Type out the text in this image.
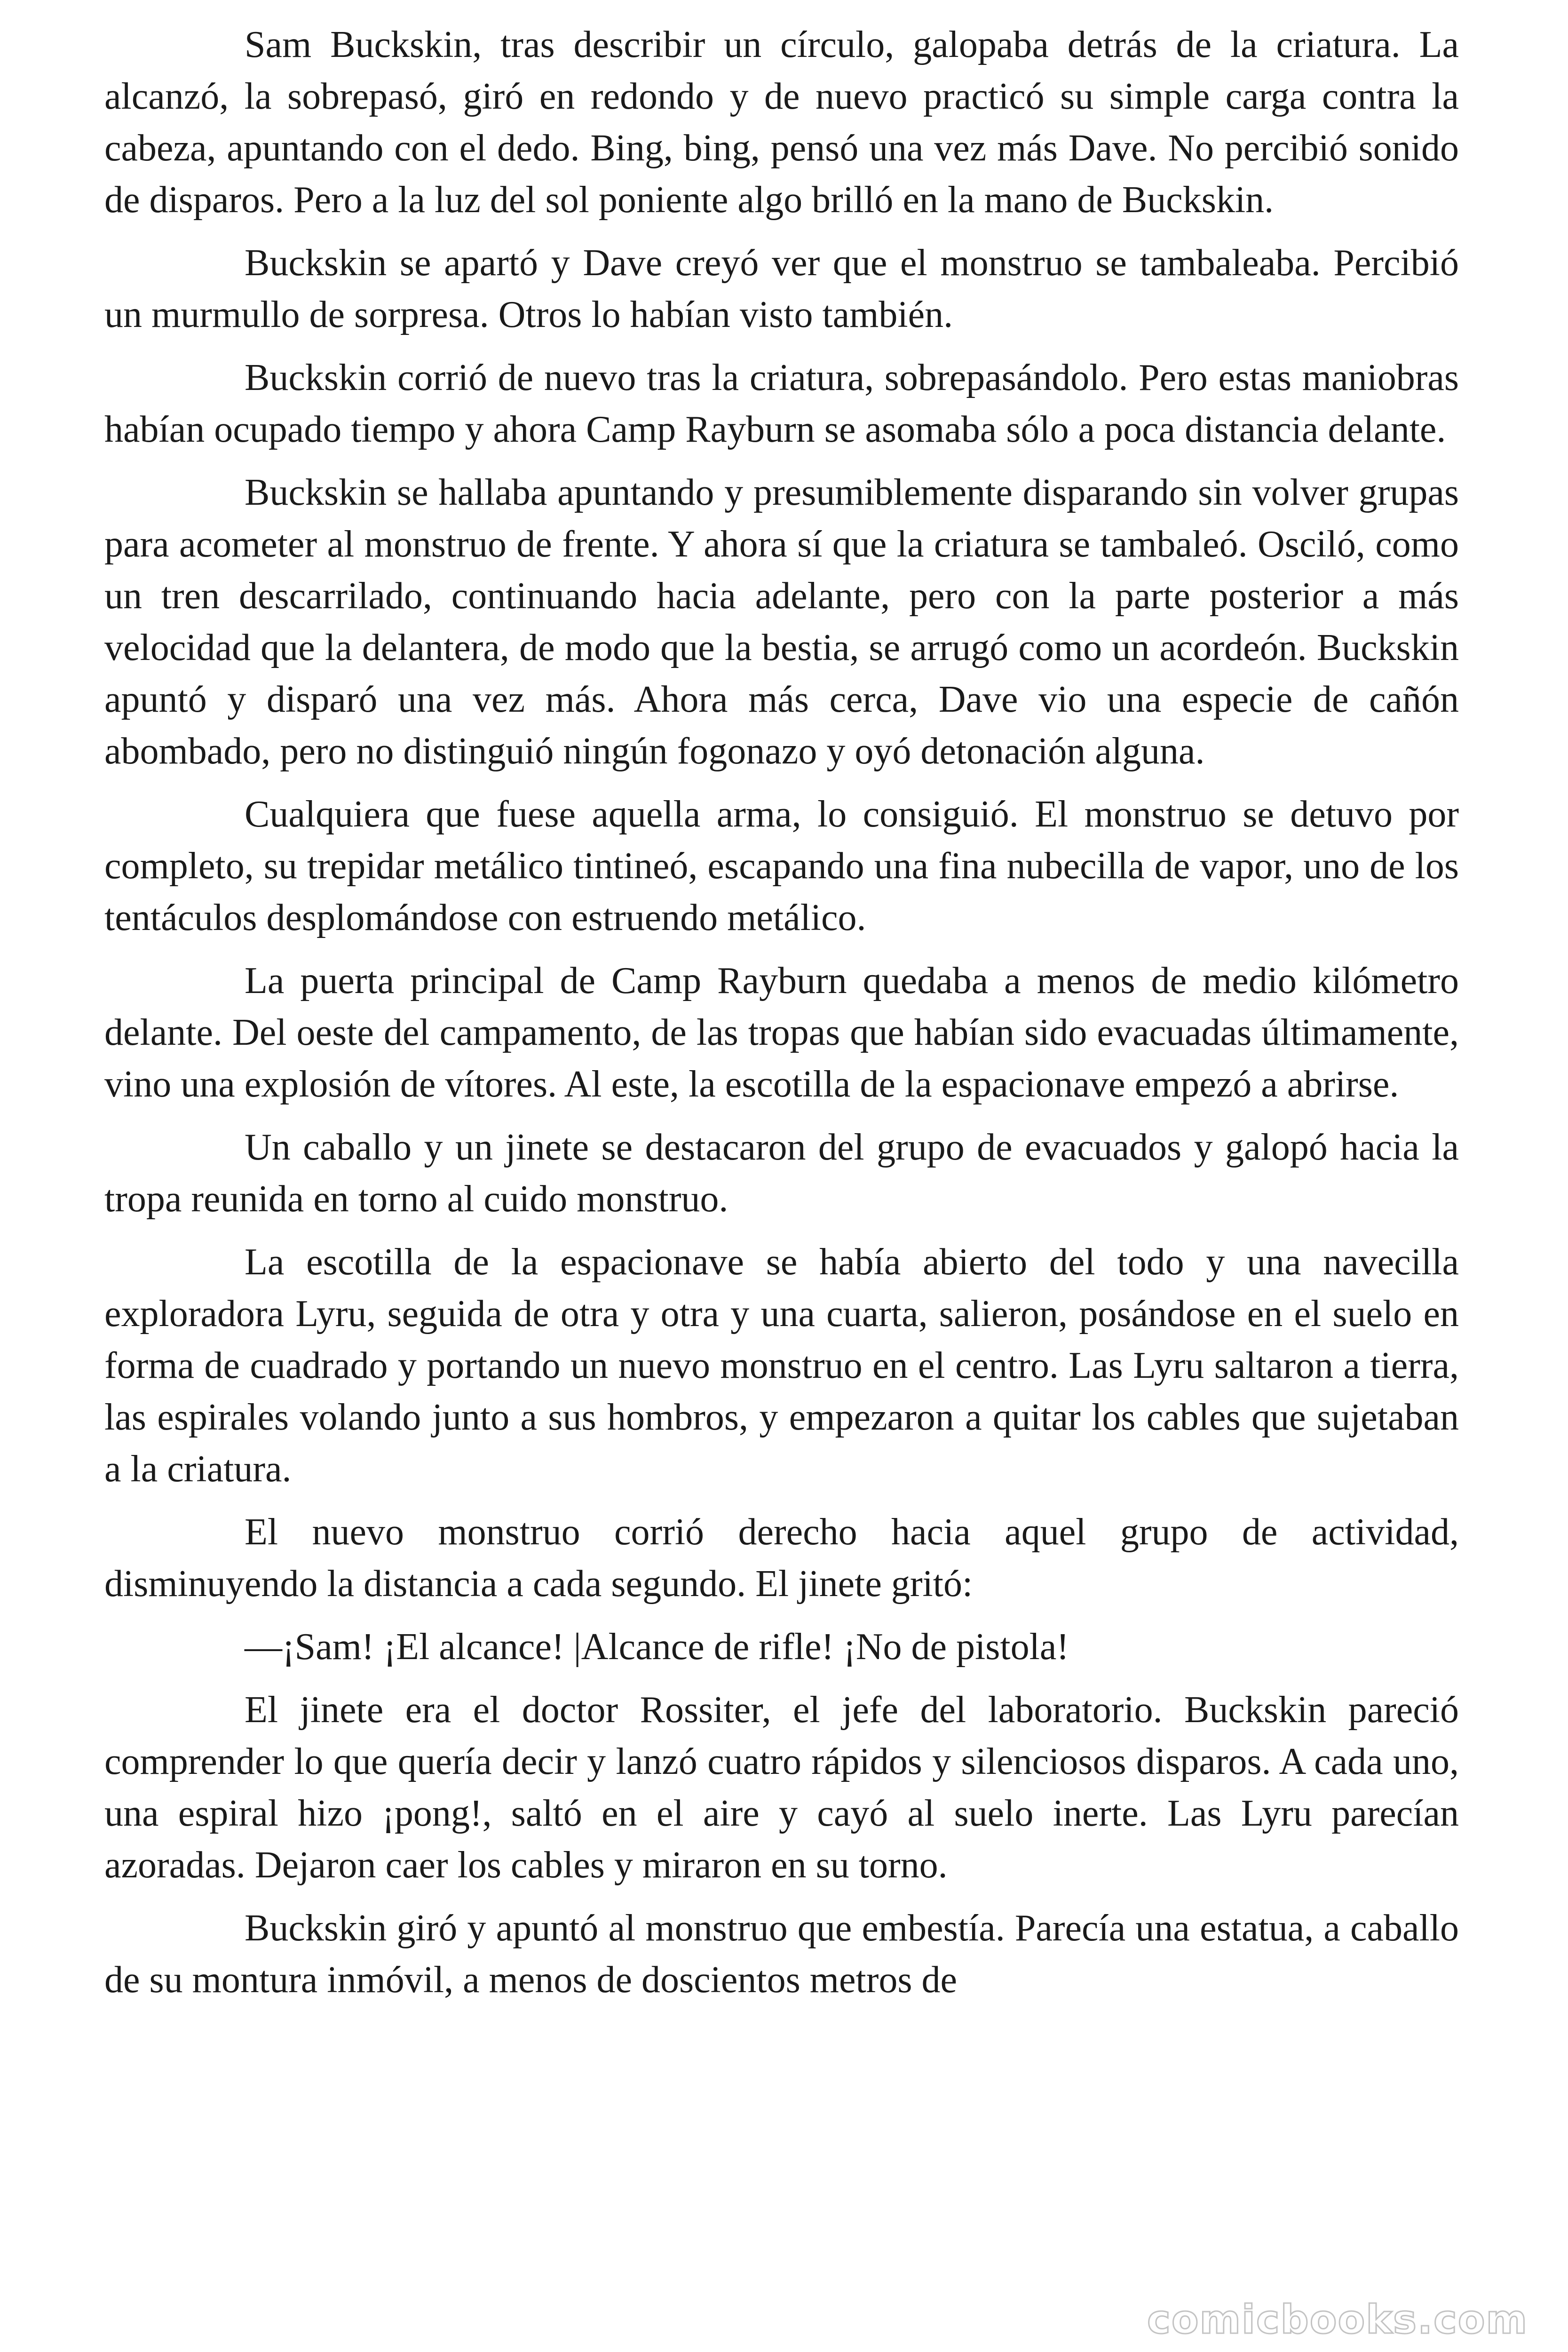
Sam Buckskin, tras describir un círculo, galopaba detrás de la criatura. La alcanzó, la sobrepasó, giró en redondo y de nuevo practicó su simple carga contra la cabeza, apuntando con el dedo. Bing, bing, pensó una vez más Dave. No percibió sonido de disparos. Pero a la luz del sol poniente algo brilló en la mano de Buckskin.

Buckskin se apartó y Dave creyó ver que el monstruo se tambaleaba. Percibió un murmullo de sorpresa. Otros lo habían visto también.

Buckskin corrió de nuevo tras la criatura, sobrepasándolo. Pero estas maniobras habían ocupado tiempo y ahora Camp Rayburn se asomaba sólo a poca distancia delante.

Buckskin se hallaba apuntando y presumiblemente disparando sin volver grupas para acometer al monstruo de frente. Y ahora sí que la criatura se tambaleó. Osciló, como un tren descarrilado, continuando hacia adelante, pero con la parte posterior a más velocidad que la delantera, de modo que la bestia, se arrugó como un acordeón. Buckskin apuntó y disparó una vez más. Ahora más cerca, Dave vio una especie de cañón abombado, pero no distinguió ningún fogonazo y oyó detonación alguna.

Cualquiera que fuese aquella arma, lo consiguió. El monstruo se detuvo por completo, su trepidar metálico tintineó, escapando una fina nubecilla de vapor, uno de los tentáculos desplomándose con estruendo metálico.

La puerta principal de Camp Rayburn quedaba a menos de medio kilómetro delante. Del oeste del campamento, de las tropas que habían sido evacuadas últimamente, vino una explosión de vítores. Al este, la escotilla de la espacionave empezó a abrirse.

Un caballo y un jinete se destacaron del grupo de evacuados y galopó hacia la tropa reunida en torno al cuido monstruo.

La escotilla de la espacionave se había abierto del todo y una navecilla exploradora Lyru, seguida de otra y otra y una cuarta, salieron, posándose en el suelo en forma de cuadrado y portando un nuevo monstruo en el centro. Las Lyru saltaron a tierra, las espirales volando junto a sus hombros, y empezaron a quitar los cables que sujetaban a la criatura.

El nuevo monstruo corrió derecho hacia aquel grupo de actividad, disminuyendo la distancia a cada segundo. El jinete gritó:

—¡Sam! ¡El alcance! |Alcance de rifle! ¡No de pistola!

El jinete era el doctor Rossiter, el jefe del laboratorio. Buckskin pareció comprender lo que quería decir y lanzó cuatro rápidos y silenciosos disparos. A cada uno, una espiral hizo ¡pong!, saltó en el aire y cayó al suelo inerte. Las Lyru parecían azoradas. Dejaron caer los cables y miraron en su torno.

Buckskin giró y apuntó al monstruo que embestía. Parecía una estatua, a caballo de su montura inmóvil, a menos de doscientos metros de

comicbooks.com
